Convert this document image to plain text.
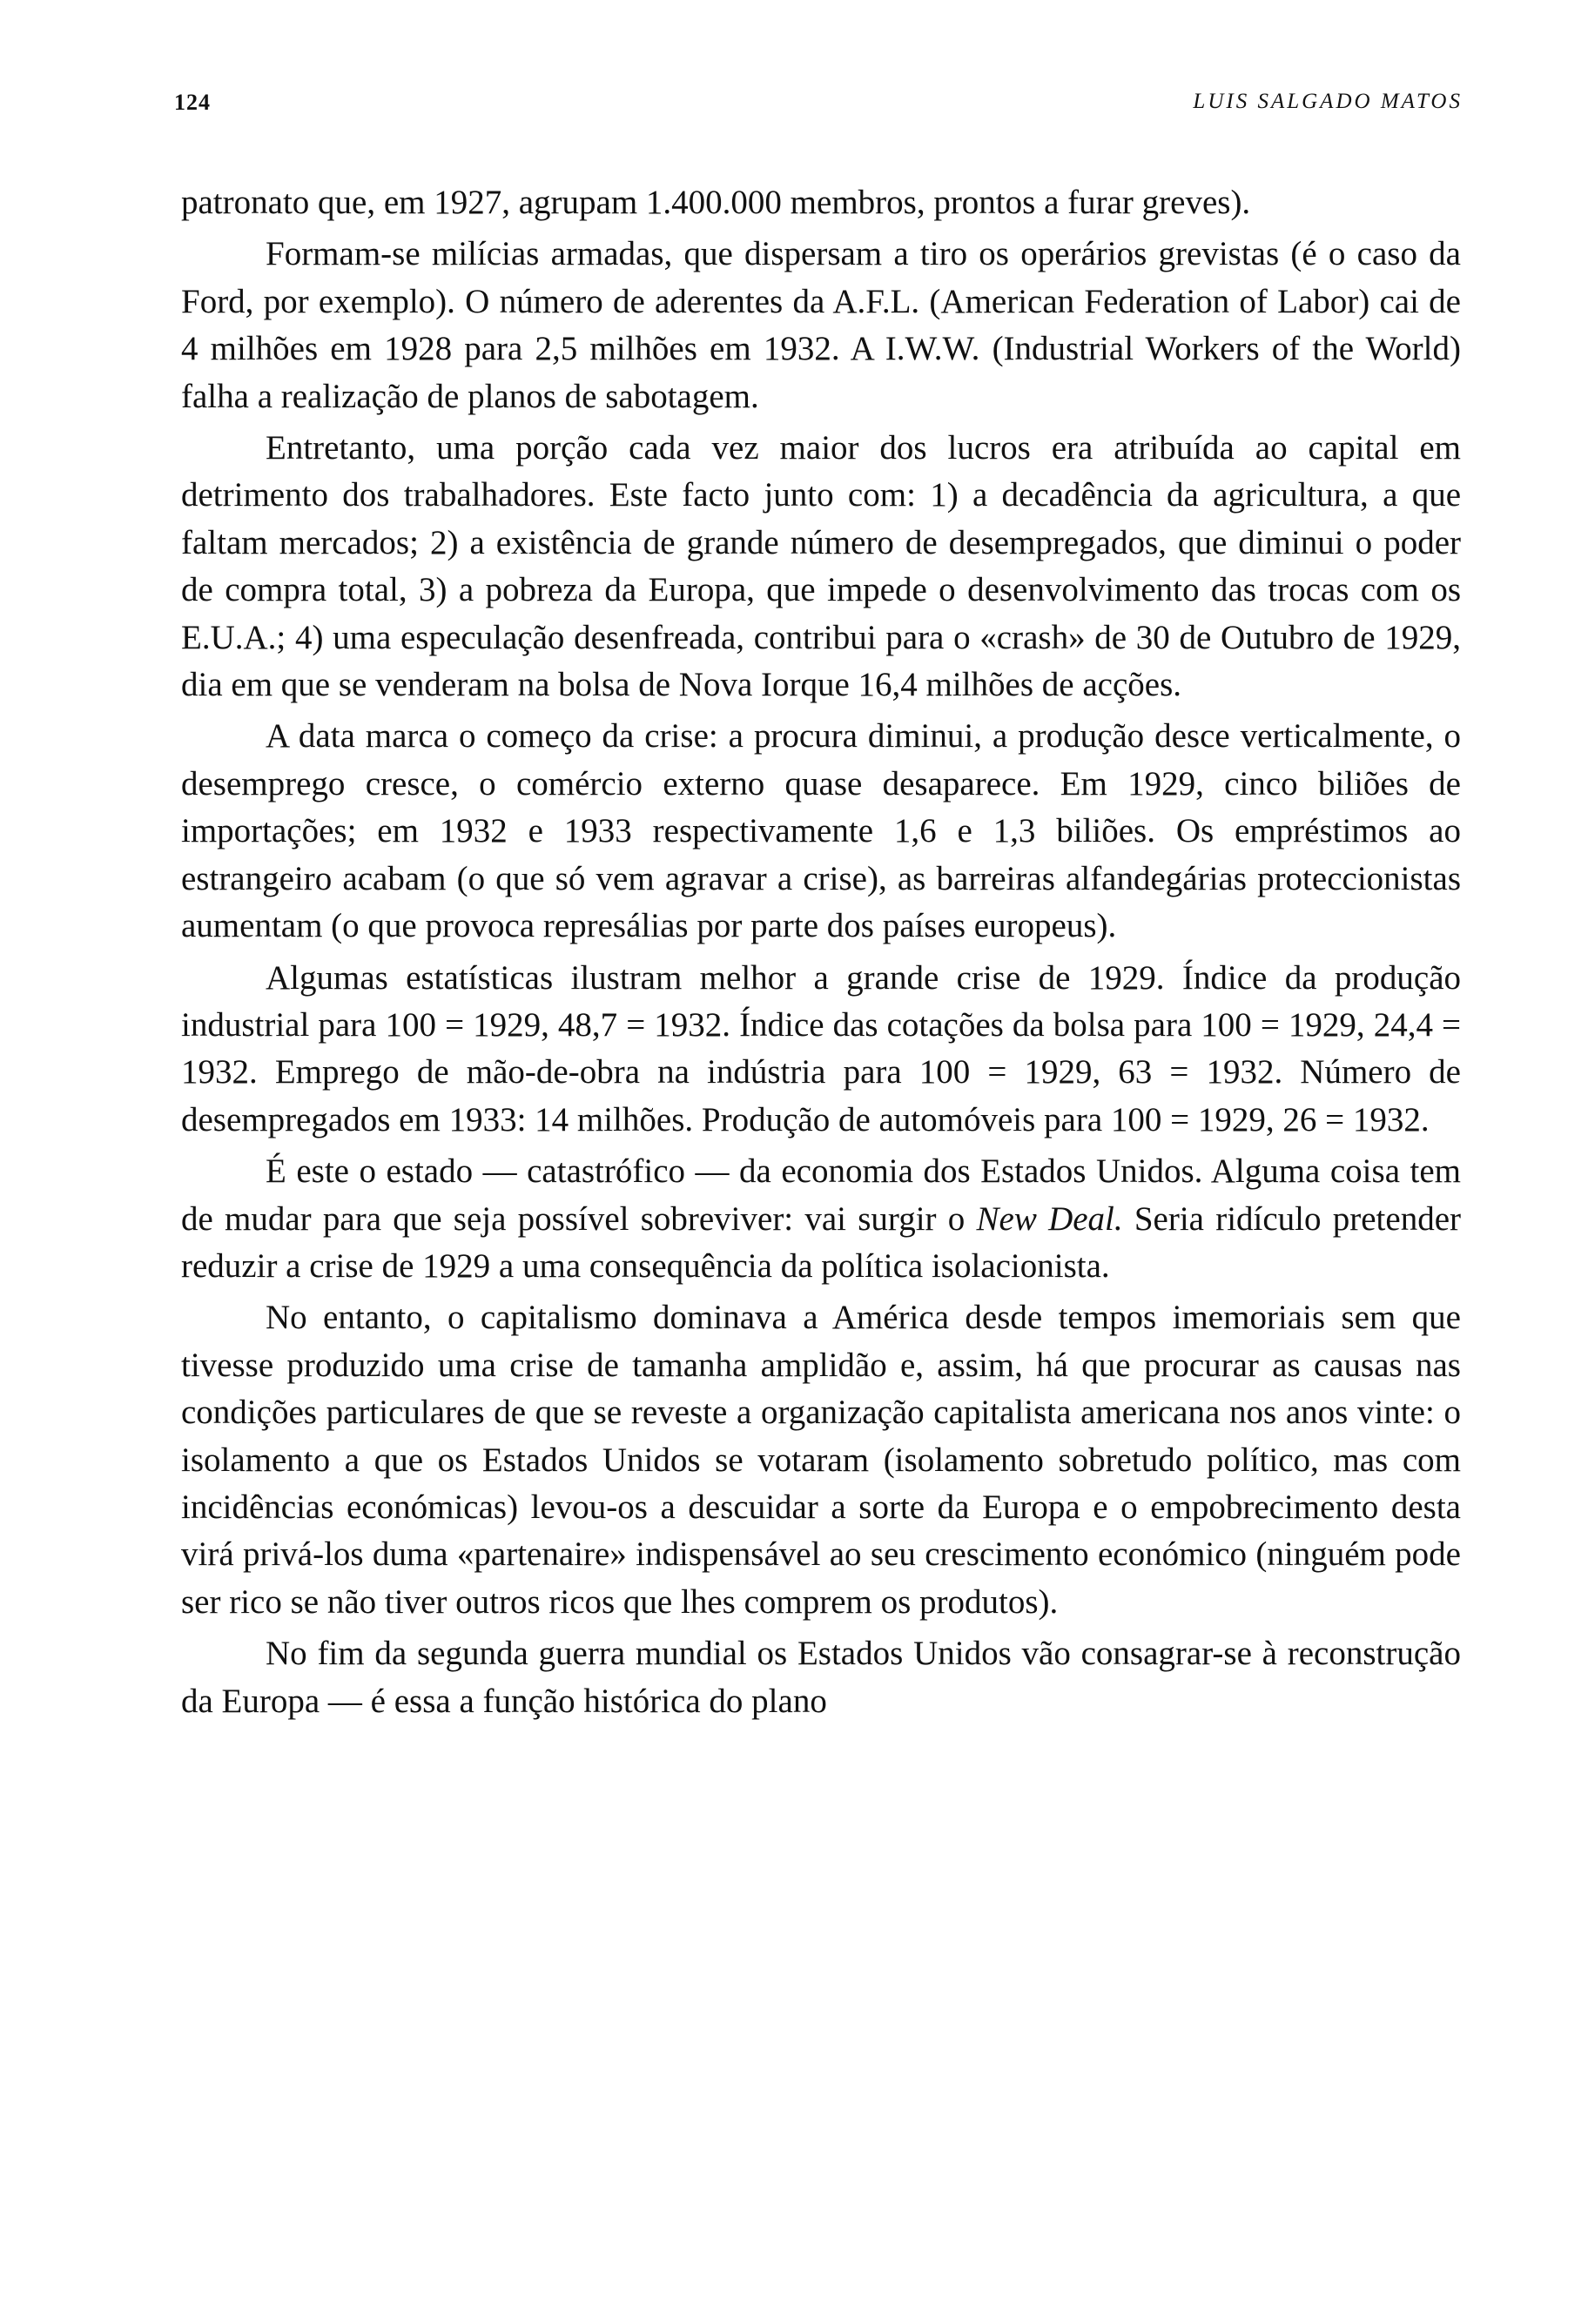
124	LUIS SALGADO MATOS

patronato que, em 1927, agrupam 1.400.000 membros, prontos a furar greves).

Formam-se milícias armadas, que dispersam a tiro os operários grevistas (é o caso da Ford, por exemplo). O número de aderentes da A.F.L. (American Federation of Labor) cai de 4 milhões em 1928 para 2,5 milhões em 1932. A I.W.W. (Industrial Workers of the World) falha a realização de planos de sabotagem.

Entretanto, uma porção cada vez maior dos lucros era atribuída ao capital em detrimento dos trabalhadores. Este facto junto com: 1) a decadência da agricultura, a que faltam mercados; 2) a existência de grande número de desempregados, que diminui o poder de compra total, 3) a pobreza da Europa, que impede o desenvolvimento das trocas com os E.U.A.; 4) uma especulação desenfreada, contribui para o «crash» de 30 de Outubro de 1929, dia em que se venderam na bolsa de Nova Iorque 16,4 milhões de acções.

A data marca o começo da crise: a procura diminui, a produção desce verticalmente, o desemprego cresce, o comércio externo quase desaparece. Em 1929, cinco biliões de importações; em 1932 e 1933 respectivamente 1,6 e 1,3 biliões. Os empréstimos ao estrangeiro acabam (o que só vem agravar a crise), as barreiras alfandegárias proteccionistas aumentam (o que provoca represálias por parte dos países europeus).

Algumas estatísticas ilustram melhor a grande crise de 1929. Índice da produção industrial para 100 = 1929, 48,7 = 1932. Índice das cotações da bolsa para 100 = 1929, 24,4 = 1932. Emprego de mão-de-obra na indústria para 100 = 1929, 63 = 1932. Número de desempregados em 1933: 14 milhões. Produção de automóveis para 100 = 1929, 26 = 1932.

É este o estado — catastrófico — da economia dos Estados Unidos. Alguma coisa tem de mudar para que seja possível sobreviver: vai surgir o New Deal. Seria ridículo pretender reduzir a crise de 1929 a uma consequência da política isolacionista.

No entanto, o capitalismo dominava a América desde tempos imemoriais sem que tivesse produzido uma crise de tamanha amplidão e, assim, há que procurar as causas nas condições particulares de que se reveste a organização capitalista americana nos anos vinte: o isolamento a que os Estados Unidos se votaram (isolamento sobretudo político, mas com incidências económicas) levou-os a descuidar a sorte da Europa e o empobrecimento desta virá privá-los duma «partenaire» indispensável ao seu crescimento económico (ninguém pode ser rico se não tiver outros ricos que lhes comprem os produtos).

No fim da segunda guerra mundial os Estados Unidos vão consagrar-se à reconstrução da Europa — é essa a função histórica do plano
